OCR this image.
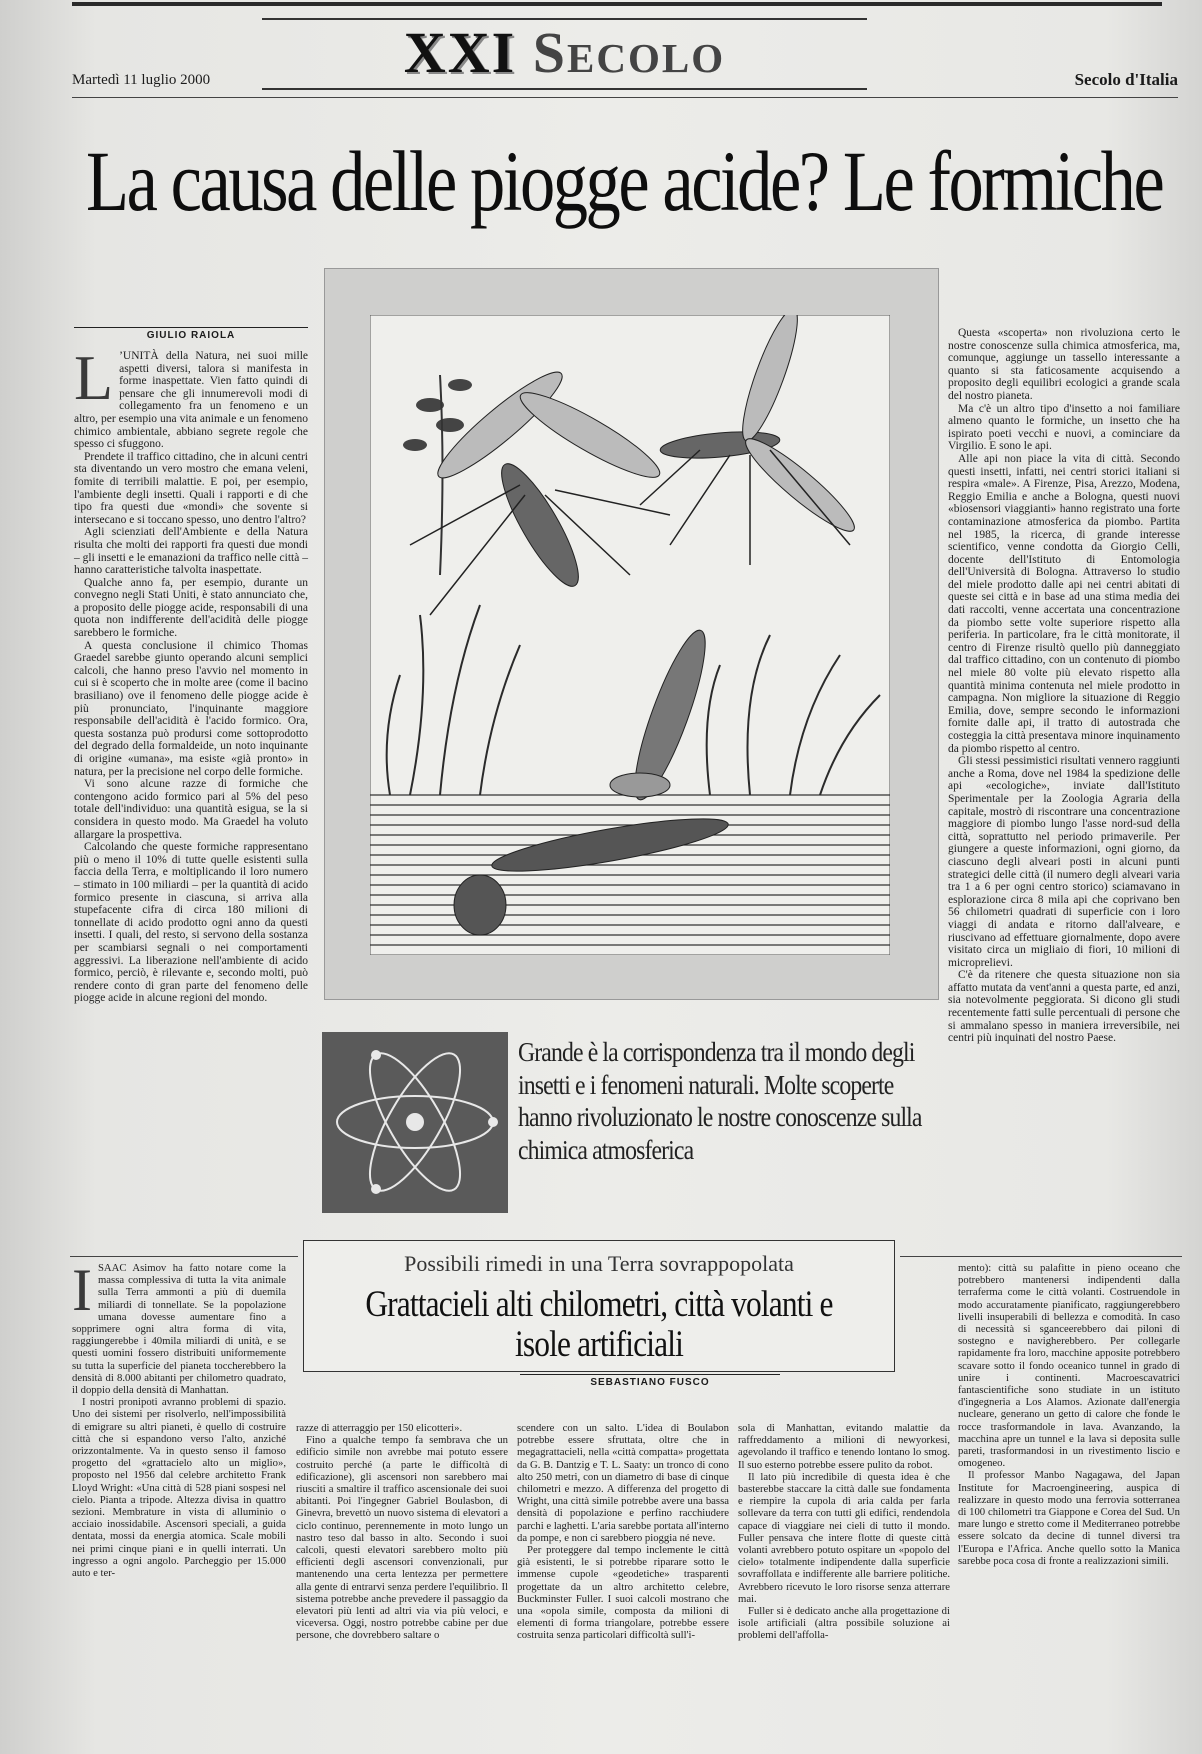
XXI Secolo
Martedì 11 luglio 2000	Secolo d'Italia
La causa delle piogge acide? Le formiche
GIULIO RAIOLA
L ’UNITÀ della Natura, nei suoi mille aspetti diversi, talora si manifesta in forme inaspettate. Vien fatto quindi di pensare che gli innumerevoli modi di collegamento fra un fenomeno e un altro, per esempio una vita animale e un fenomeno chimico ambientale, abbiano segrete regole che spesso ci sfuggono.

Prendete il traffico cittadino, che in alcuni centri sta diventando un vero mostro che emana veleni, fomite di terribili malattie. E poi, per esempio, l'ambiente degli insetti. Quali i rapporti e di che tipo fra questi due «mondi» che sovente si intersecano e si toccano spesso, uno dentro l'altro?

Agli scienziati dell'Ambiente e della Natura risulta che molti dei rapporti fra questi due mondi – gli insetti e le emanazioni da traffico nelle città – hanno caratteristiche talvolta inaspettate.

Qualche anno fa, per esempio, durante un convegno negli Stati Uniti, è stato annunciato che, a proposito delle piogge acide, responsabili di una quota non indifferente dell'acidità delle piogge sarebbero le formiche.

A questa conclusione il chimico Thomas Graedel sarebbe giunto operando alcuni semplici calcoli, che hanno preso l'avvio nel momento in cui si è scoperto che in molte aree (come il bacino brasiliano) ove il fenomeno delle piogge acide è più pronunciato, l'inquinante maggiore responsabile dell'acidità è l'acido formico. Ora, questa sostanza può prodursi come sottoprodotto del degrado della formaldeide, un noto inquinante di origine «umana», ma esiste «già pronto» in natura, per la precisione nel corpo delle formiche.

Vi sono alcune razze di formiche che contengono acido formico pari al 5% del peso totale dell'individuo: una quantità esigua, se la si considera in questo modo. Ma Graedel ha voluto allargare la prospettiva.

Calcolando che queste formiche rappresentano più o meno il 10% di tutte quelle esistenti sulla faccia della Terra, e moltiplicando il loro numero – stimato in 100 miliardi – per la quantità di acido formico presente in ciascuna, si arriva alla stupefacente cifra di circa 180 milioni di tonnellate di acido prodotto ogni anno da questi insetti. I quali, del resto, si servono della sostanza per scambiarsi segnali o nei comportamenti aggressivi. La liberazione nell'ambiente di acido formico, perciò, è rilevante e, secondo molti, può rendere conto di gran parte del fenomeno delle piogge acide in alcune regioni del mondo.

Questa «scoperta» non rivoluziona certo le nostre conoscenze sulla chimica atmosferica, ma, comunque, aggiunge un tassello interessante a quanto si sta faticosamente acquisendo a proposito degli equilibri ecologici a grande scala del nostro pianeta.

Ma c'è un altro tipo d'insetto a noi familiare almeno quanto le formiche, un insetto che ha ispirato poeti vecchi e nuovi, a cominciare da Virgilio. E sono le api.

Alle api non piace la vita di città. Secondo questi insetti, infatti, nei centri storici italiani si respira «male». A Firenze, Pisa, Arezzo, Modena, Reggio Emilia e anche a Bologna, questi nuovi «biosensori viaggianti» hanno registrato una forte contaminazione atmosferica da piombo. Partita nel 1985, la ricerca, di grande interesse scientifico, venne condotta da Giorgio Celli, docente dell'Istituto di Entomologia dell'Università di Bologna. Attraverso lo studio del miele prodotto dalle api nei centri abitati di queste sei città e in base ad una stima media dei dati raccolti, venne accertata una concentrazione da piombo sette volte superiore rispetto alla periferia. In particolare, fra le città monitorate, il centro di Firenze risultò quello più danneggiato dal traffico cittadino, con un contenuto di piombo nel miele 80 volte più elevato rispetto alla quantità minima contenuta nel miele prodotto in campagna. Non migliore la situazione di Reggio Emilia, dove, sempre secondo le informazioni fornite dalle api, il tratto di autostrada che costeggia la città presentava minore inquinamento da piombo rispetto al centro.

Gli stessi pessimistici risultati vennero raggiunti anche a Roma, dove nel 1984 la spedizione delle api «ecologiche», inviate dall'Istituto Sperimentale per la Zoologia Agraria della capitale, mostrò di riscontrare una concentrazione maggiore di piombo lungo l'asse nord-sud della città, soprattutto nel periodo primaverile. Per giungere a queste informazioni, ogni giorno, da ciascuno degli alveari posti in alcuni punti strategici delle città (il numero degli alveari varia tra 1 a 6 per ogni centro storico) sciamavano in esplorazione circa 8 mila api che coprivano ben 56 chilometri quadrati di superficie con i loro viaggi di andata e ritorno dall'alveare, e riuscivano ad effettuare giornalmente, dopo avere visitato circa un migliaio di fiori, 10 milioni di microprelievi.

C'è da ritenere che questa situazione non sia affatto mutata da vent'anni a questa parte, ed anzi, sia notevolmente peggiorata. Si dicono gli studi recentemente fatti sulle percentuali di persone che si ammalano spesso in maniera irreversibile, nei centri più inquinati del nostro Paese.

Grande è la corrispondenza tra il mondo degli insetti e i fenomeni naturali. Molte scoperte hanno rivoluzionato le nostre conoscenze sulla chimica atmosferica
Possibili rimedi in una Terra sovrappopolata
Grattacieli alti chilometri, città volanti e isole artificiali
SEBASTIANO FUSCO
I SAAC Asimov ha fatto notare come la massa complessiva di tutta la vita animale sulla Terra ammonti a più di duemila miliardi di tonnellate. Se la popolazione umana dovesse aumentare fino a sopprimere ogni altra forma di vita, raggiungerebbe i 40mila miliardi di unità, e se questi uomini fossero distribuiti uniformemente su tutta la superficie del pianeta toccherebbero la densità di 8.000 abitanti per chilometro quadrato, il doppio della densità di Manhattan.

I nostri pronipoti avranno problemi di spazio. Uno dei sistemi per risolverlo, nell'impossibilità di emigrare su altri pianeti, è quello di costruire città che si espandono verso l'alto, anziché orizzontalmente. Va in questo senso il famoso progetto del «grattacielo alto un miglio», proposto nel 1956 dal celebre architetto Frank Lloyd Wright: «Una città di 528 piani sospesi nel cielo. Pianta a tripode. Altezza divisa in quattro sezioni. Membrature in vista di alluminio o acciaio inossidabile. Ascensori speciali, a guida dentata, mossi da energia atomica. Scale mobili nei primi cinque piani e in quelli interrati. Un ingresso a ogni angolo. Parcheggio per 15.000 auto e ter-

razze di atterraggio per 150 elicotteri».

Fino a qualche tempo fa sembrava che un edificio simile non avrebbe mai potuto essere costruito perché (a parte le difficoltà di edificazione), gli ascensori non sarebbero mai riusciti a smaltire il traffico ascensionale dei suoi abitanti. Poi l'ingegner Gabriel Boulasbon, di Ginevra, brevettò un nuovo sistema di elevatori a ciclo continuo, perennemente in moto lungo un nastro teso dal basso in alto. Secondo i suoi calcoli, questi elevatori sarebbero molto più efficienti degli ascensori convenzionali, pur mantenendo una certa lentezza per permettere alla gente di entrarvi senza perdere l'equilibrio. Il sistema potrebbe anche prevedere il passaggio da elevatori più lenti ad altri via via più veloci, e viceversa. Oggi, nostro potrebbe cabine per due persone, che dovrebbero saltare o

scendere con un salto. L'idea di Boulabon potrebbe essere sfruttata, oltre che in megagrattacieli, nella «città compatta» progettata da G. B. Dantzig e T. L. Saaty: un tronco di cono alto 250 metri, con un diametro di base di cinque chilometri e mezzo. A differenza del progetto di Wright, una città simile potrebbe avere una bassa densità di popolazione e perfino racchiudere parchi e laghetti. L'aria sarebbe portata all'interno da pompe, e non ci sarebbero pioggia né neve.

Per proteggere dal tempo inclemente le città già esistenti, le si potrebbe riparare sotto le immense cupole «geodetiche» trasparenti progettate da un altro architetto celebre, Buckminster Fuller. I suoi calcoli mostrano che una «opola simile, composta da milioni di elementi di forma triangolare, potrebbe essere costruita senza particolari difficoltà sull'i-

sola di Manhattan, evitando malattie da raffreddamento a milioni di newyorkesi, agevolando il traffico e tenendo lontano lo smog. Il suo esterno potrebbe essere pulito da robot.

Il lato più incredibile di questa idea è che basterebbe staccare la città dalle sue fondamenta e riempire la cupola di aria calda per farla sollevare da terra con tutti gli edifici, rendendola capace di viaggiare nei cieli di tutto il mondo. Fuller pensava che intere flotte di queste città volanti avrebbero potuto ospitare un «popolo del cielo» totalmente indipendente dalla superficie sovraffollata e indifferente alle barriere politiche. Avrebbero ricevuto le loro risorse senza atterrare mai.

Fuller si è dedicato anche alla progettazione di isole artificiali (altra possibile soluzione ai problemi dell'affolla-

mento): città su palafitte in pieno oceano che potrebbero mantenersi indipendenti dalla terraferma come le città volanti. Costruendole in modo accuratamente pianificato, raggiungerebbero livelli insuperabili di bellezza e comodità. In caso di necessità si sganceerebbero dai piloni di sostegno e navigherebbero. Per collegarle rapidamente fra loro, macchine apposite potrebbero scavare sotto il fondo oceanico tunnel in grado di unire i continenti. Macroescavatrici fantascientifiche sono studiate in un istituto d'ingegneria a Los Alamos. Azionate dall'energia nucleare, generano un getto di calore che fonde le rocce trasformandole in lava. Avanzando, la macchina apre un tunnel e la lava si deposita sulle pareti, trasformandosi in un rivestimento liscio e omogeneo.

Il professor Manbo Nagagawa, del Japan Institute for Macroengineering, auspica di realizzare in questo modo una ferrovia sotterranea di 100 chilometri tra Giappone e Corea del Sud. Un mare lungo e stretto come il Mediterraneo potrebbe essere solcato da decine di tunnel diversi tra l'Europa e l'Africa. Anche quello sotto la Manica sarebbe poca cosa di fronte a realizzazioni simili.
